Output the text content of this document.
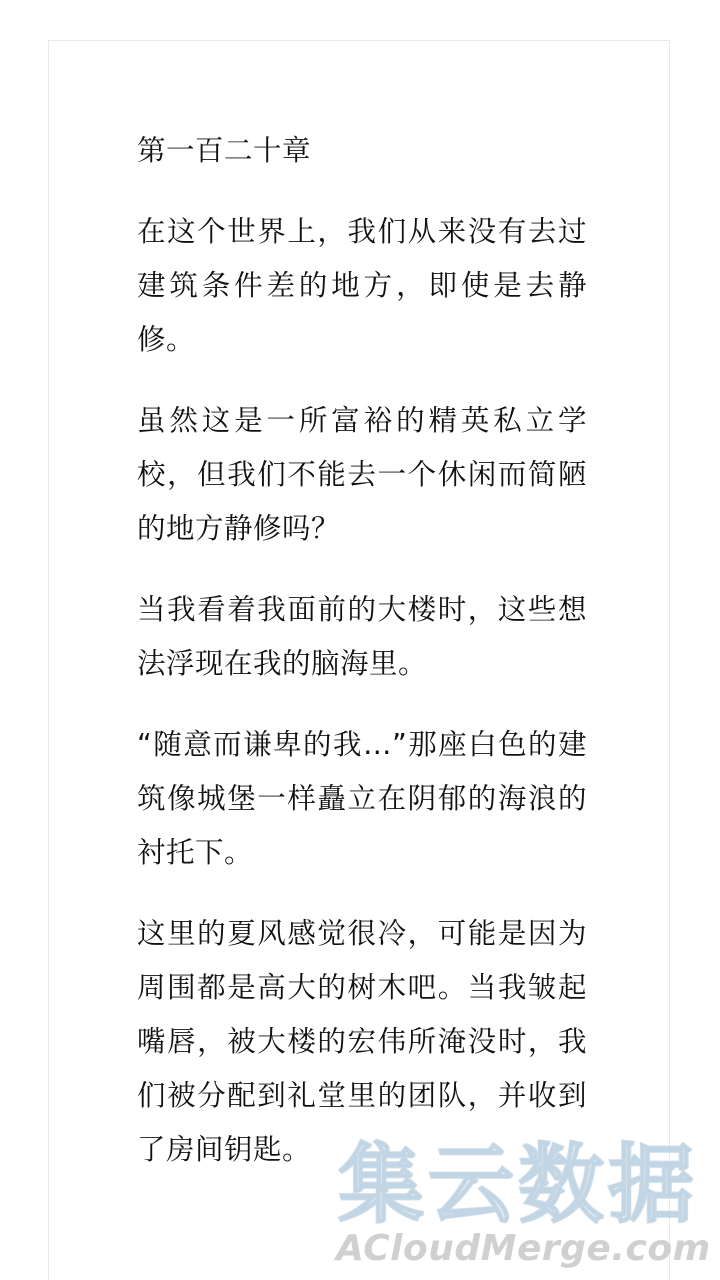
第一百二十章

在这个世界上，我们从来没有去过建筑条件差的地方，即使是去静修。

虽然这是一所富裕的精英私立学校，但我们不能去一个休闲而简陋的地方静修吗？

当我看着我面前的大楼时，这些想法浮现在我的脑海里。

“随意而谦卑的我…”那座白色的建筑像城堡一样矗立在阴郁的海浪的衬托下。

这里的夏风感觉很冷，可能是因为周围都是高大的树木吧。当我皱起嘴唇，被大楼的宏伟所淹没时，我们被分配到礼堂里的团队，并收到了房间钥匙。 集云数据
ACloudMerge.com
